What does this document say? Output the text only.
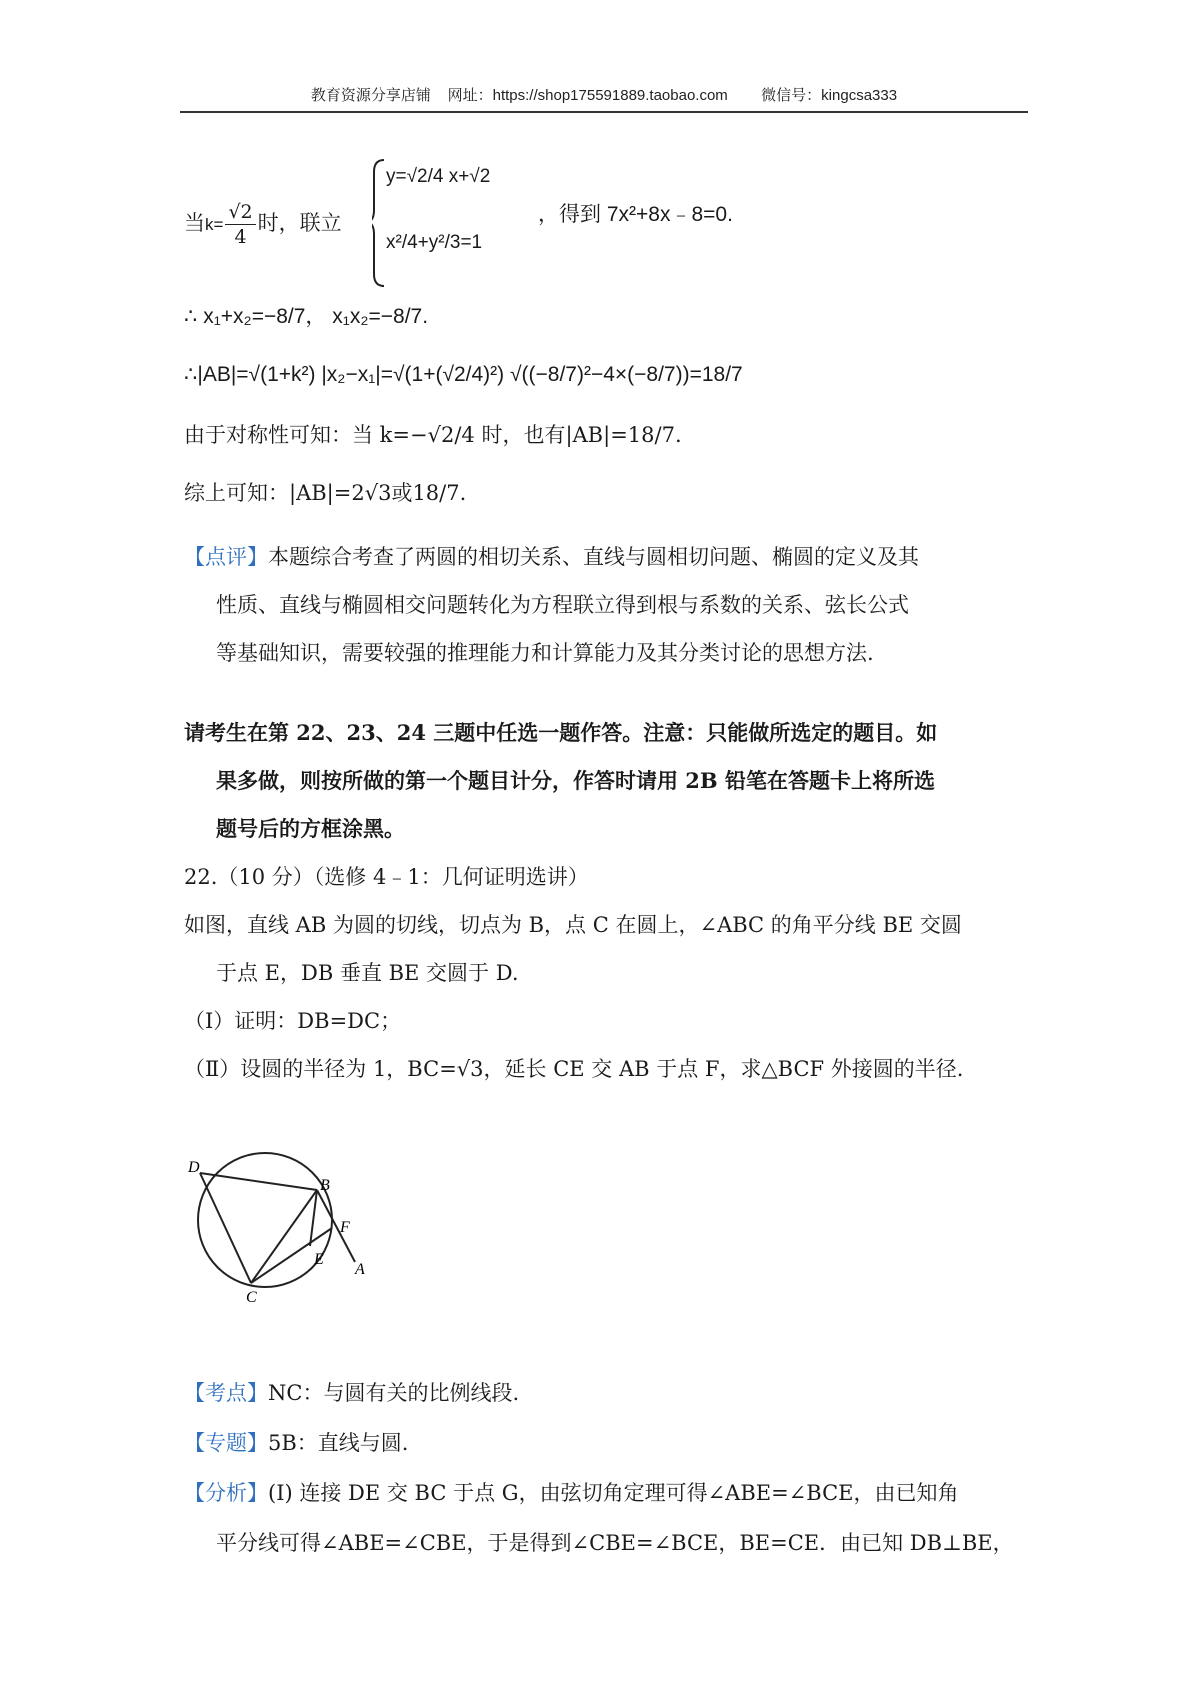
教育资源分享店铺 网址：https://shop175591889.taobao.com 微信号：kingcsa333
当$k= \frac{√2}{4}$ 时，联立
y=√2/4 x+√2
x²/4+y²/3=1
，得到 7x²+8x﹣8=0.
∴ x₁+x₂=−8/7， x₁x₂=−8/7.
∴|AB|=√(1+k²) |x₂−x₁|=√(1+(√2/4)²) √((−8/7)²−4×(−8/7))=18/7
由于对称性可知：当 k=−√2/4 时，也有|AB|=18/7.
综上可知：|AB|=2√3或18/7.
【点评】本题综合考查了两圆的相切关系、直线与圆相切问题、椭圆的定义及其
性质、直线与椭圆相交问题转化为方程联立得到根与系数的关系、弦长公式
等基础知识，需要较强的推理能力和计算能力及其分类讨论的思想方法.
请考生在第 22、23、24 三题中任选一题作答。注意：只能做所选定的题目。如
果多做，则按所做的第一个题目计分，作答时请用 2B 铅笔在答题卡上将所选
题号后的方框涂黑。
22.（10 分）（选修 4﹣1：几何证明选讲）
如图，直线 AB 为圆的切线，切点为 B，点 C 在圆上，∠ABC 的角平分线 BE 交圆
于点 E，DB 垂直 BE 交圆于 D.
（Ⅰ）证明：DB=DC；
（Ⅱ）设圆的半径为 1，BC=√3，延长 CE 交 AB 于点 F，求△BCF 外接圆的半径.
D
B
F
E
A
C
【考点】NC：与圆有关的比例线段.
【专题】5B：直线与圆.
【分析】(Ⅰ) 连接 DE 交 BC 于点 G，由弦切角定理可得∠ABE=∠BCE，由已知角
平分线可得∠ABE=∠CBE，于是得到∠CBE=∠BCE，BE=CE．由已知 DB⊥BE，
